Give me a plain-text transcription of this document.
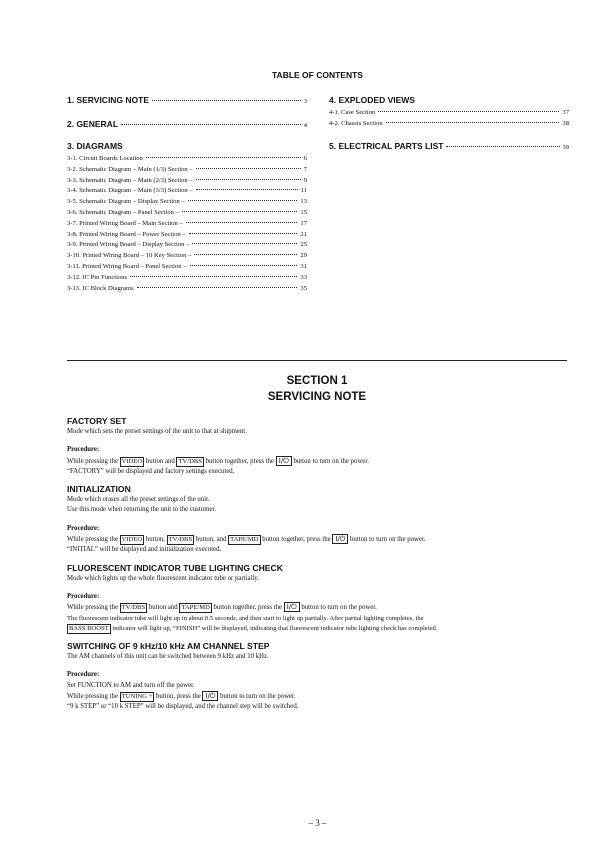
TABLE OF CONTENTS
1. SERVICING NOTE	3
2. GENERAL	4
3. DIAGRAMS
3-1. Circuit Boards Location	6
3-2. Schematic Diagram – Main (1/3) Section –	7
3-3. Schematic Diagram – Main (2/3) Section –	9
3-4. Schematic Diagram – Main (3/3) Section –	11
3-5. Schematic Diagram – Display Section –	13
3-6. Schematic Diagram – Panel Section –	15
3-7. Printed Wiring Board – Main Section –	17
3-8. Printed Wiring Board – Power Section –	21
3-9. Printed Wiring Board – Display Section –	25
3-10. Printed Wiring Board – 10 Key Section –	29
3-11. Printed Wiring Board – Panel Section –	31
3-12. IC Pin Functions	33
3-13. IC Block Diagrams	35
4. EXPLODED VIEWS
4-1. Case Section	37
4-2. Chassis Section	38
5. ELECTRICAL PARTS LIST	39
SECTION 1
SERVICING NOTE

FACTORY SET

Mode which sets the preset settings of the unit to that at shipment.

Procedure:

While pressing the VIDEO button and TV/DBS button together, press the I/⏻ button to turn on the power.

“FACTORY” will be displayed and factory settings executed.

INITIALIZATION

Mode which erases all the preset settings of the unit.

Use this mode when returning the unit to the customer.

Procedure:

While pressing the VIDEO button, TV/DBS button, and TAPE/MD button together, press the I/⏻ button to turn on the power.

“INITIAL” will be displayed and initialization executed.

FLUORESCENT INDICATOR TUBE LIGHTING CHECK

Mode which lights up the whole fluorescent indicator tube or partially.

Procedure:

While pressing the TV/DBS button and TAPE/MD button together, press the I/⏻ button to turn on the power.

The fluorescent indicator tube will light up in about 0.5 seconds, and then start to light up partially. After partial lighting completes, the

BASS BOOST indicator will light up, “FINISH” will be displayed, indicating that fluorescent indicator tube lighting check has completed.

SWITCHING OF 9 kHz/10 kHz AM CHANNEL STEP

The AM channels of this unit can be switched between 9 kHz and 10 kHz.

Procedure:

Set FUNCTION to AM and turn off the power.

While pressing the TUNING + button, press the I/⏻ button to turn on the power.

“9 k STEP” or “10 k STEP” will be displayed, and the channel step will be switched.

– 3 –
